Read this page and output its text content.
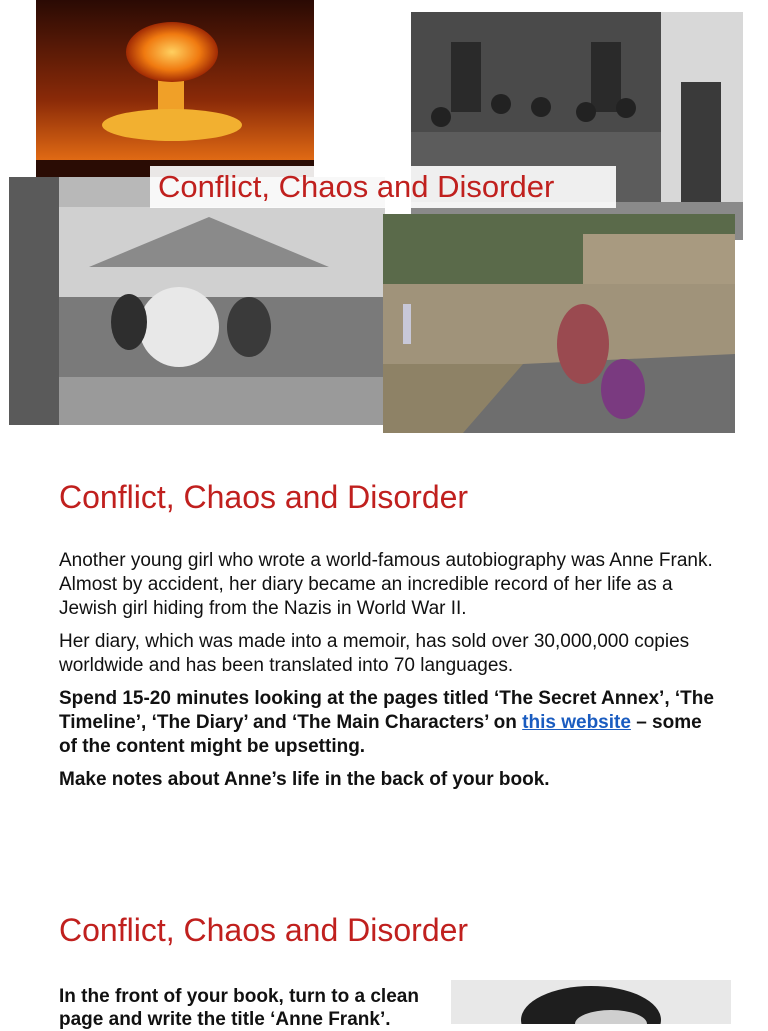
Conflict, Chaos and Disorder
Conflict, Chaos and Disorder

Another young girl who wrote a world-famous autobiography was Anne Frank. Almost by accident, her diary became an incredible record of her life as a Jewish girl hiding from the Nazis in World War II.

Her diary, which was made into a memoir, has sold over 30,000,000 copies worldwide and has been translated into 70 languages.

Spend 15-20 minutes looking at the pages titled ‘The Secret Annex’, ‘The Timeline’, ‘The Diary’ and ‘The Main Characters’ on this website – some of the content might be upsetting.

Make notes about Anne’s life in the back of your book.

Conflict, Chaos and Disorder
In the front of your book, turn to a clean page and write the title ‘Anne Frank’.
